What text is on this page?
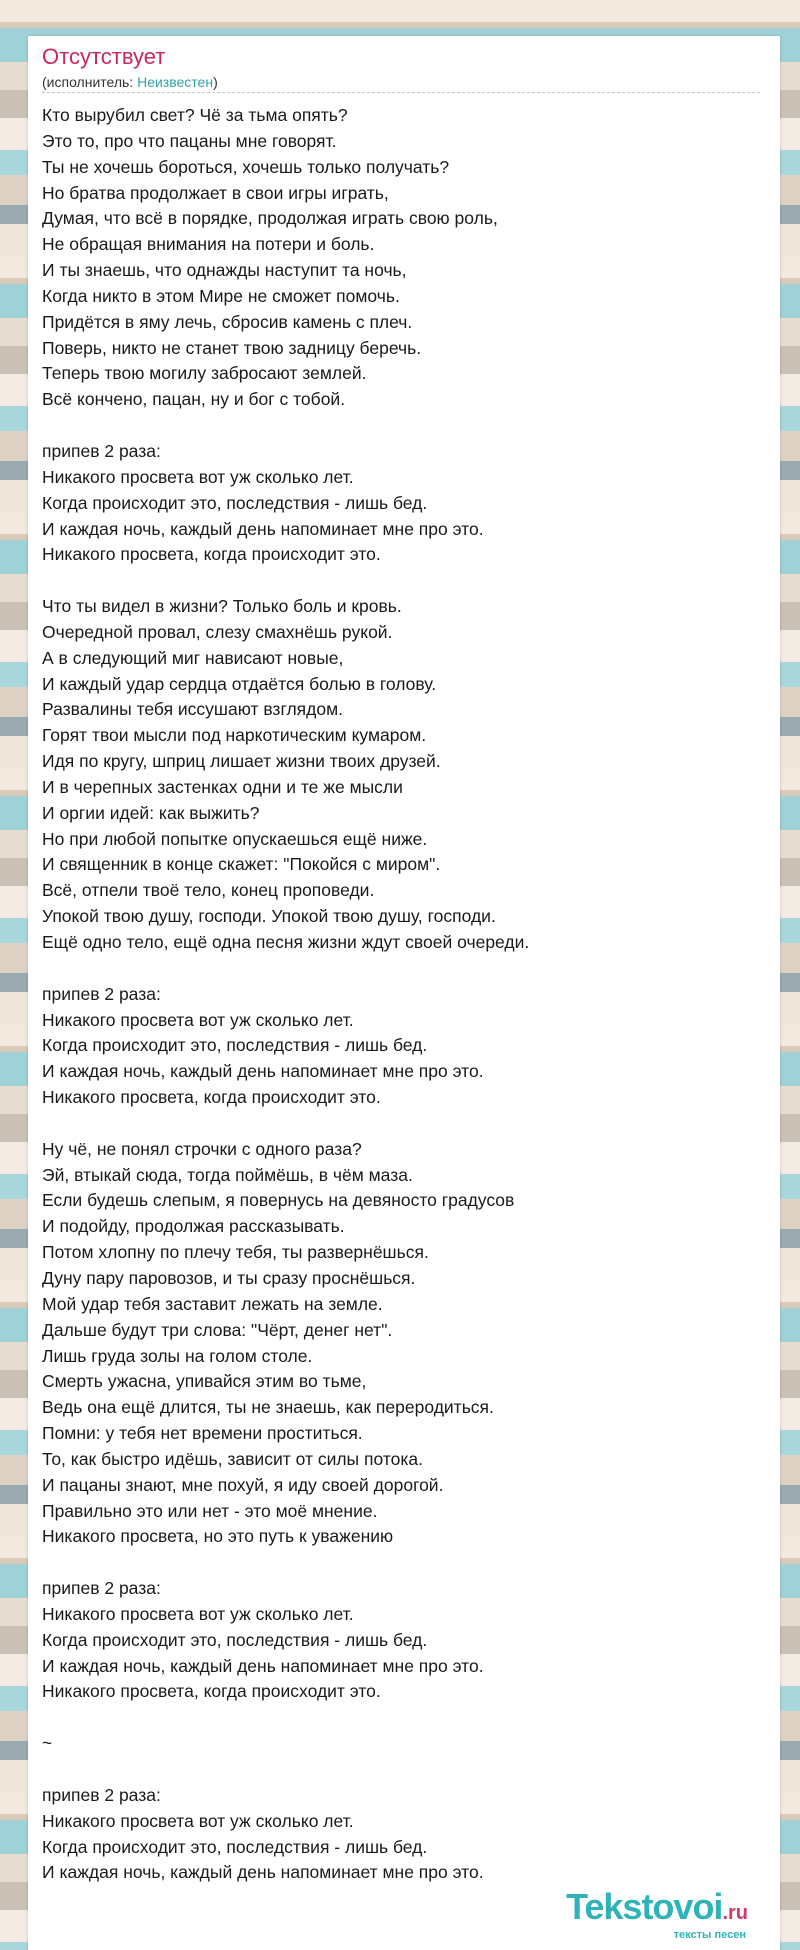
Отсутствует
(исполнитель: Неизвестен)
Кто вырубил свет? Чё за тьма опять?
Это то, про что пацаны мне говорят.
Ты не хочешь бороться, хочешь только получать?
Но братва продолжает в свои игры играть,
Думая, что всё в порядке, продолжая играть свою роль,
Не обращая внимания на потери и боль.
И ты знаешь, что однажды наступит та ночь,
Когда никто в этом Мире не сможет помочь.
Придётся в яму лечь, сбросив камень с плеч.
Поверь, никто не станет твою задницу беречь.
Теперь твою могилу забросают землей.
Всё кончено, пацан, ну и бог с тобой.
припев 2 раза:
Никакого просвета вот уж сколько лет.
Когда происходит это, последствия - лишь бед.
И каждая ночь, каждый день напоминает мне про это.
Никакого просвета, когда происходит это.
Что ты видел в жизни? Только боль и кровь.
Очередной провал, слезу смахнёшь рукой.
А в следующий миг нависают новые,
И каждый удар сердца отдаётся болью в голову.
Развалины тебя иссушают взглядом.
Горят твои мысли под наркотическим кумаром.
Идя по кругу, шприц лишает жизни твоих друзей.
И в черепных застенках одни и те же мысли
И оргии идей: как выжить?
Но при любой попытке опускаешься ещё ниже.
И священник в конце скажет: "Покойся с миром".
Всё, отпели твоё тело, конец проповеди.
Упокой твою душу, господи. Упокой твою душу, господи.
Ещё одно тело, ещё одна песня жизни ждут своей очереди.
припев 2 раза:
Никакого просвета вот уж сколько лет.
Когда происходит это, последствия - лишь бед.
И каждая ночь, каждый день напоминает мне про это.
Никакого просвета, когда происходит это.
Ну чё, не понял строчки с одного раза?
Эй, втыкай сюда, тогда поймёшь, в чём маза.
Если будешь слепым, я повернусь на девяносто градусов
И подойду, продолжая рассказывать.
Потом хлопну по плечу тебя, ты развернёшься.
Дуну пару паровозов, и ты сразу проснёшься.
Мой удар тебя заставит лежать на земле.
Дальше будут три слова: "Чёрт, денег нет".
Лишь груда золы на голом столе.
Смерть ужасна, упивайся этим во тьме,
Ведь она ещё длится, ты не знаешь, как переродиться.
Помни: у тебя нет времени проститься.
То, как быстро идёшь, зависит от силы потока.
И пацаны знают, мне похуй, я иду своей дорогой.
Правильно это или нет - это моё мнение.
Никакого просвета, но это путь к уважению
припев 2 раза:
Никакого просвета вот уж сколько лет.
Когда происходит это, последствия - лишь бед.
И каждая ночь, каждый день напоминает мне про это.
Никакого просвета, когда происходит это.
~
припев 2 раза:
Никакого просвета вот уж сколько лет.
Когда происходит это, последствия - лишь бед.
И каждая ночь, каждый день напоминает мне про это.
Tekstovoi.ru
тексты песен
